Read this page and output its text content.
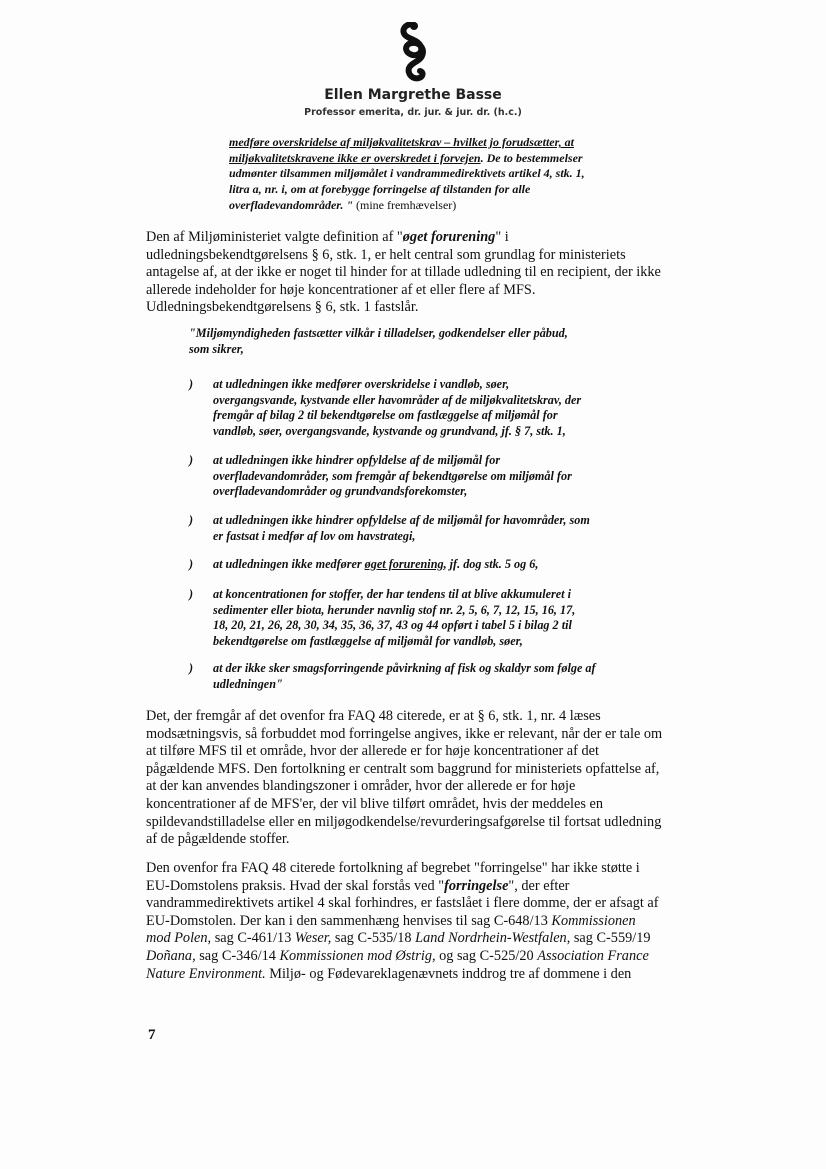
Ellen Margrethe Basse
Professor emerita, dr. jur. & jur. dr. (h.c.)
medføre overskridelse af miljøkvalitetskrav – hvilket jo forudsætter, at
miljøkvalitetskravene ikke er overskredet i forvejen. De to bestemmelser
udmønter tilsammen miljømålet i vandrammedirektivets artikel 4, stk. 1,
litra a, nr. i, om at forebygge forringelse af tilstanden for alle
overfladevandområder. " (mine fremhævelser)
Den af Miljøministeriet valgte definition af "øget forurening" i
udledningsbekendtgørelsens § 6, stk. 1, er helt central som grundlag for ministeriets
antagelse af, at der ikke er noget til hinder for at tillade udledning til en recipient, der ikke
allerede indeholder for høje koncentrationer af et eller flere af MFS.
Udledningsbekendtgørelsens § 6, stk. 1 fastslår.
"Miljømyndigheden fastsætter vilkår i tilladelser, godkendelser eller påbud,
som sikrer,
) at udledningen ikke medfører overskridelse i vandløb, søer,
overgangsvande, kystvande eller havområder af de miljøkvalitetskrav, der
fremgår af bilag 2 til bekendtgørelse om fastlæggelse af miljømål for
vandløb, søer, overgangsvande, kystvande og grundvand, jf. § 7, stk. 1,
) at udledningen ikke hindrer opfyldelse af de miljømål for
overfladevandområder, som fremgår af bekendtgørelse om miljømål for
overfladevandområder og grundvandsforekomster,
) at udledningen ikke hindrer opfyldelse af de miljømål for havområder, som
er fastsat i medfør af lov om havstrategi,
) at udledningen ikke medfører øget forurening, jf. dog stk. 5 og 6,
) at koncentrationen for stoffer, der har tendens til at blive akkumuleret i
sedimenter eller biota, herunder navnlig stof nr. 2, 5, 6, 7, 12, 15, 16, 17,
18, 20, 21, 26, 28, 30, 34, 35, 36, 37, 43 og 44 opført i tabel 5 i bilag 2 til
bekendtgørelse om fastlæggelse af miljømål for vandløb, søer,
) at der ikke sker smagsforringende påvirkning af fisk og skaldyr som følge af
udledningen"
Det, der fremgår af det ovenfor fra FAQ 48 citerede, er at § 6, stk. 1, nr. 4 læses
modsætningsvis, så forbuddet mod forringelse angives, ikke er relevant, når der er tale om
at tilføre MFS til et område, hvor der allerede er for høje koncentrationer af det
pågældende MFS. Den fortolkning er centralt som baggrund for ministeriets opfattelse af,
at der kan anvendes blandingszoner i områder, hvor der allerede er for høje
koncentrationer af de MFS'er, der vil blive tilført området, hvis der meddeles en
spildevandstilladelse eller en miljøgodkendelse/revurderingsafgørelse til fortsat udledning
af de pågældende stoffer.
Den ovenfor fra FAQ 48 citerede fortolkning af begrebet "forringelse" har ikke støtte i
EU-Domstolens praksis. Hvad der skal forstås ved "forringelse", der efter
vandrammedirektivets artikel 4 skal forhindres, er fastslået i flere domme, der er afsagt af
EU-Domstolen. Der kan i den sammenhæng henvises til sag C-648/13 Kommissionen
mod Polen, sag C-461/13 Weser, sag C-535/18 Land Nordrhein-Westfalen, sag C-559/19
Doñana, sag C-346/14 Kommissionen mod Østrig, og sag C-525/20 Association France
Nature Environment. Miljø- og Fødevareklagenævnets inddrog tre af dommene i den
7
